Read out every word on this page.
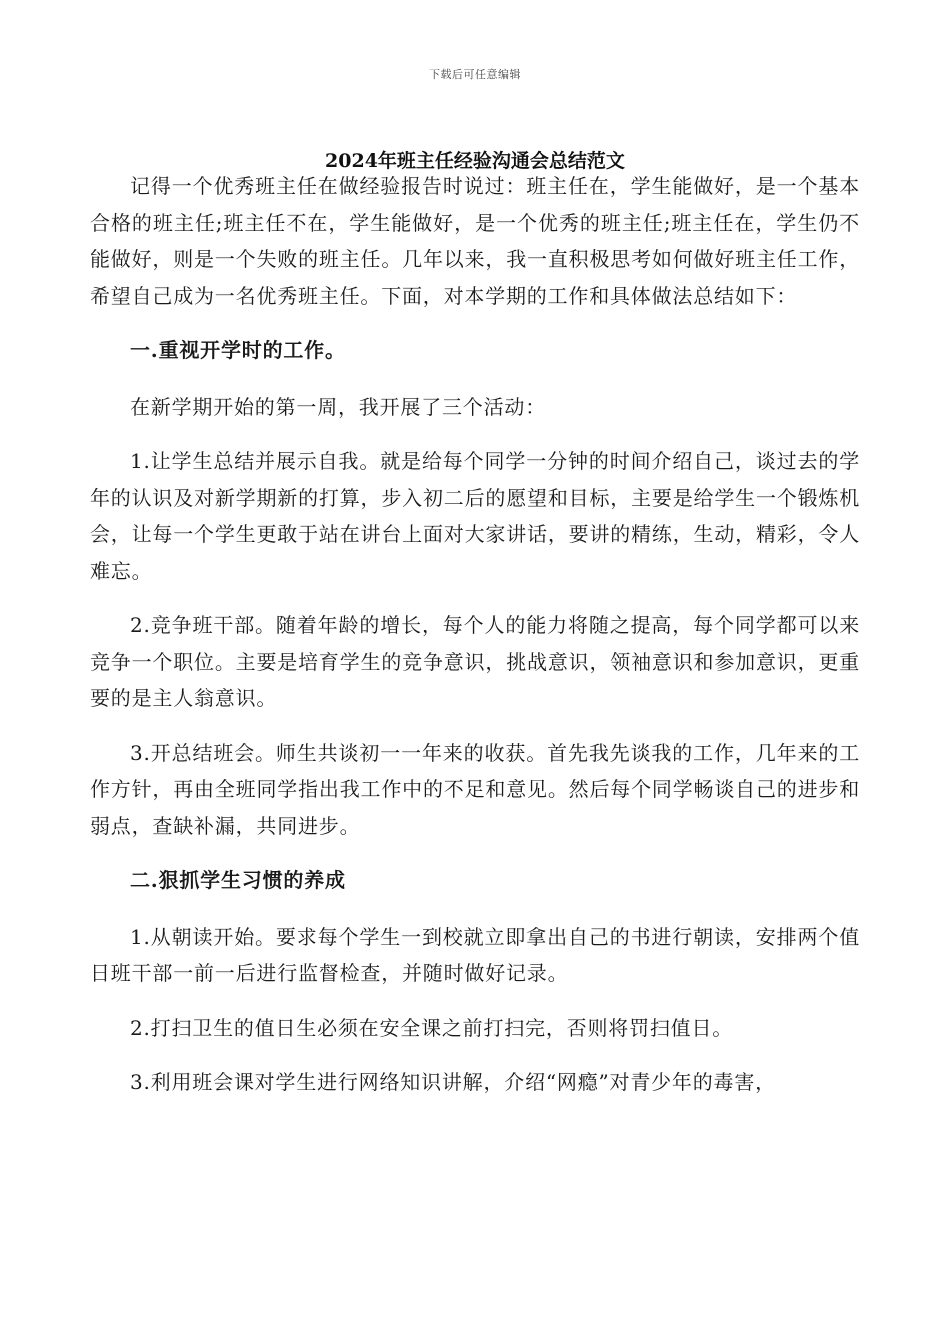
下载后可任意编辑
2024年班主任经验沟通会总结范文

记得一个优秀班主任在做经验报告时说过：班主任在，学生能做好，是一个基本合格的班主任;班主任不在，学生能做好，是一个优秀的班主任;班主任在，学生仍不能做好，则是一个失败的班主任。几年以来，我一直积极思考如何做好班主任工作，希望自己成为一名优秀班主任。下面，对本学期的工作和具体做法总结如下：

一.重视开学时的工作。

在新学期开始的第一周，我开展了三个活动：

1.让学生总结并展示自我。就是给每个同学一分钟的时间介绍自己，谈过去的学年的认识及对新学期新的打算，步入初二后的愿望和目标，主要是给学生一个锻炼机会，让每一个学生更敢于站在讲台上面对大家讲话，要讲的精练，生动，精彩，令人难忘。

2.竞争班干部。随着年龄的增长，每个人的能力将随之提高，每个同学都可以来竞争一个职位。主要是培育学生的竞争意识，挑战意识，领袖意识和参加意识，更重要的是主人翁意识。

3.开总结班会。师生共谈初一一年来的收获。首先我先谈我的工作，几年来的工作方针，再由全班同学指出我工作中的不足和意见。然后每个同学畅谈自己的进步和弱点，查缺补漏，共同进步。

二.狠抓学生习惯的养成

1.从朝读开始。要求每个学生一到校就立即拿出自己的书进行朝读，安排两个值日班干部一前一后进行监督检查，并随时做好记录。

2.打扫卫生的值日生必须在安全课之前打扫完，否则将罚扫值日。

3.利用班会课对学生进行网络知识讲解，介绍“网瘾”对青少年的毒害，
